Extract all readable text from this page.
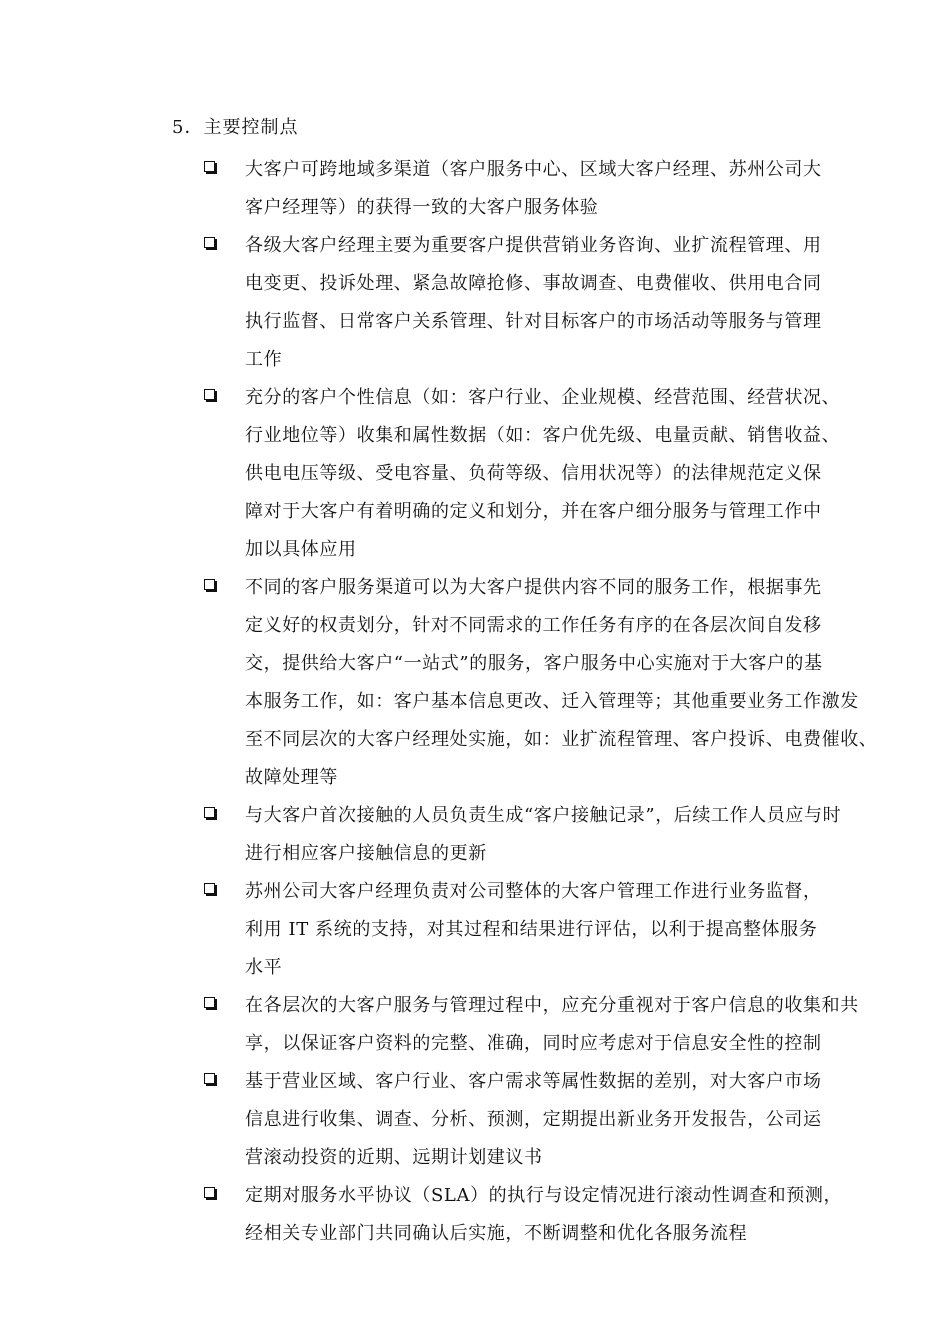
5．主要控制点
大客户可跨地域多渠道（客户服务中心、区域大客户经理、苏州公司大
客户经理等）的获得一致的大客户服务体验
各级大客户经理主要为重要客户提供营销业务咨询、业扩流程管理、用
电变更、投诉处理、紧急故障抢修、事故调查、电费催收、供用电合同
执行监督、日常客户关系管理、针对目标客户的市场活动等服务与管理
工作
充分的客户个性信息（如：客户行业、企业规模、经营范围、经营状况、
行业地位等）收集和属性数据（如：客户优先级、电量贡献、销售收益、
供电电压等级、受电容量、负荷等级、信用状况等）的法律规范定义保
障对于大客户有着明确的定义和划分，并在客户细分服务与管理工作中
加以具体应用
不同的客户服务渠道可以为大客户提供内容不同的服务工作，根据事先
定义好的权责划分，针对不同需求的工作任务有序的在各层次间自发移
交，提供给大客户“一站式”的服务，客户服务中心实施对于大客户的基
本服务工作，如：客户基本信息更改、迁入管理等；其他重要业务工作激发
至不同层次的大客户经理处实施，如：业扩流程管理、客户投诉、电费催收、
故障处理等
与大客户首次接触的人员负责生成“客户接触记录”，后续工作人员应与时
进行相应客户接触信息的更新
苏州公司大客户经理负责对公司整体的大客户管理工作进行业务监督，
利用 IT 系统的支持，对其过程和结果进行评估，以利于提高整体服务
水平
在各层次的大客户服务与管理过程中，应充分重视对于客户信息的收集和共
享，以保证客户资料的完整、准确，同时应考虑对于信息安全性的控制
基于营业区域、客户行业、客户需求等属性数据的差别，对大客户市场
信息进行收集、调查、分析、预测，定期提出新业务开发报告，公司运
营滚动投资的近期、远期计划建议书
定期对服务水平协议（SLA）的执行与设定情况进行滚动性调查和预测，
经相关专业部门共同确认后实施，不断调整和优化各服务流程
